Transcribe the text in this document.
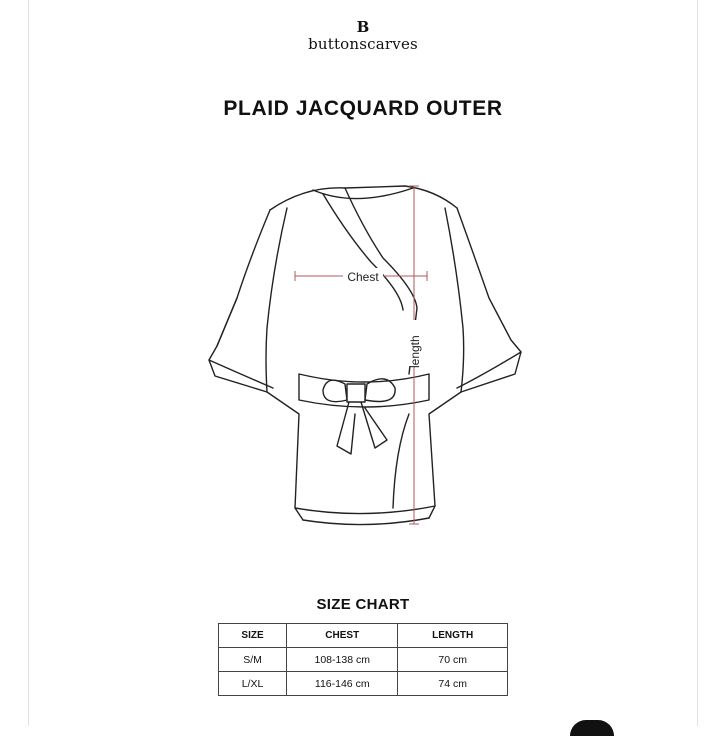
B
buttonscarves
PLAID JACQUARD OUTER
Chest
length
SIZE CHART
SIZE	CHEST	LENGTH
S/M	108-138 cm	70 cm
L/XL	116-146 cm	74 cm
